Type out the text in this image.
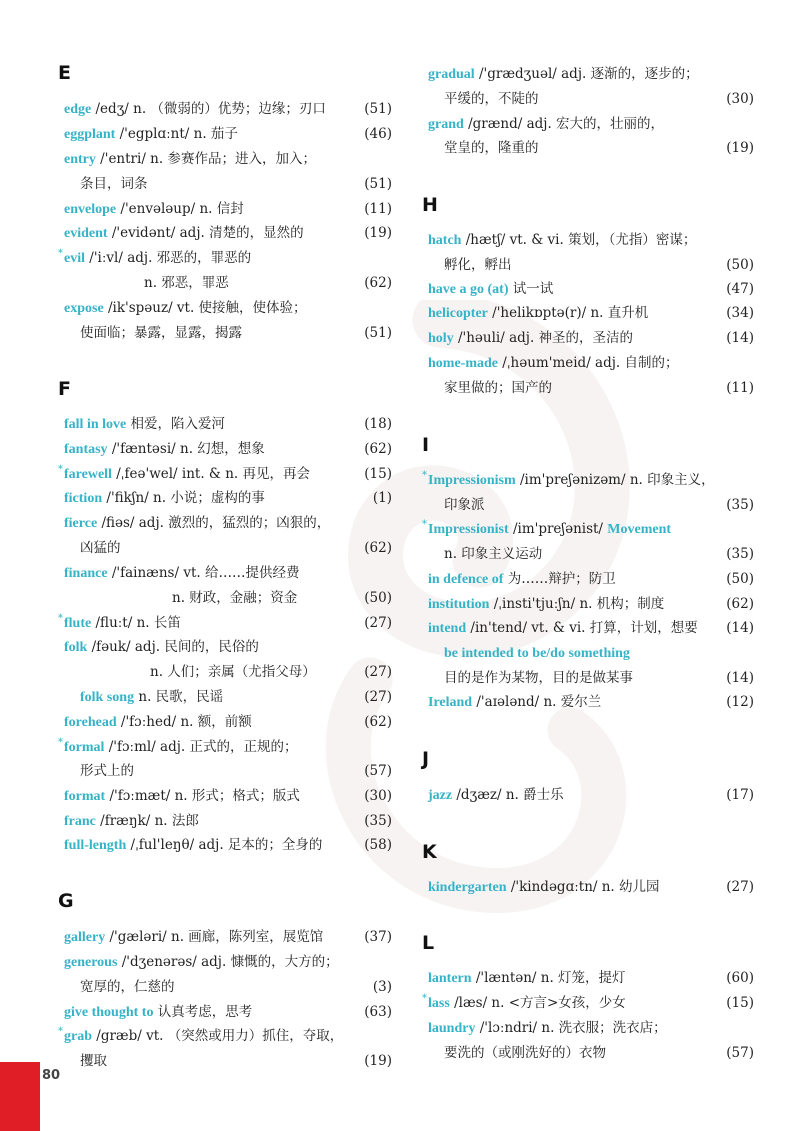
E
edge /edʒ/ n. （微弱的）优势；边缘；刃口	(51)
eggplant /'egplɑːnt/ n. 茄子	(46)
entry /'entri/ n. 参赛作品；进入，加入；
条目，词条	(51)
envelope /'envələup/ n. 信封	(11)
evident /'evidənt/ adj. 清楚的，显然的	(19)
* evil /'iːvl/ adj. 邪恶的，罪恶的
n. 邪恶，罪恶	(62)
expose /ik'spəuz/ vt. 使接触，使体验；
使面临；暴露，显露，揭露	(51)
F
fall in love 相爱，陷入爱河	(18)
fantasy /'fæntəsi/ n. 幻想，想象	(62)
* farewell /ˌfeə'wel/ int. & n. 再见，再会	(15)
fiction /'fikʃn/ n. 小说；虚构的事	(1)
fierce /fiəs/ adj. 激烈的，猛烈的；凶狠的，
凶猛的	(62)
finance /'fainæns/ vt. 给……提供经费
n. 财政，金融；资金	(50)
* flute /fluːt/ n. 长笛	(27)
folk /fəuk/ adj. 民间的，民俗的
n. 人们；亲属（尤指父母）	(27)
folk song n. 民歌，民谣	(27)
forehead /'fɔːhed/ n. 额，前额	(62)
* formal /'fɔːml/ adj. 正式的，正规的；
形式上的	(57)
format /'fɔːmæt/ n. 形式；格式；版式	(30)
franc /fræŋk/ n. 法郎	(35)
full-length /ˌful'leŋθ/ adj. 足本的；全身的	(58)
G
gallery /'gæləri/ n. 画廊，陈列室，展览馆	(37)
generous /'dʒenərəs/ adj. 慷慨的，大方的；
宽厚的，仁慈的	(3)
give thought to 认真考虑，思考	(63)
* grab /græb/ vt. （突然或用力）抓住，夺取，
攫取	(19)
gradual /'grædʒuəl/ adj. 逐渐的，逐步的；
平缓的，不陡的	(30)
grand /grænd/ adj. 宏大的，壮丽的，
堂皇的，隆重的	(19)
H
hatch /hætʃ/ vt. & vi. 策划，（尤指）密谋；
孵化，孵出	(50)
have a go (at) 试一试	(47)
helicopter /'helikɒptə(r)/ n. 直升机	(34)
holy /'həuli/ adj. 神圣的，圣洁的	(14)
home-made /ˌhəum'meid/ adj. 自制的；
家里做的；国产的	(11)
I
* Impressionism /im'preʃənizəm/ n. 印象主义，
印象派	(35)
* Impressionist /im'preʃənist/ Movement
n. 印象主义运动	(35)
in defence of 为……辩护；防卫	(50)
institution /ˌinsti'tjuːʃn/ n. 机构；制度	(62)
intend /in'tend/ vt. & vi. 打算，计划，想要	(14)
be intended to be/do something
目的是作为某物，目的是做某事	(14)
Ireland /'aɪələnd/ n. 爱尔兰	(12)
J
jazz /dʒæz/ n. 爵士乐	(17)
K
kindergarten /'kindəgɑːtn/ n. 幼儿园	(27)
L
lantern /'læntən/ n. 灯笼，提灯	(60)
* lass /læs/ n. <方言>女孩，少女	(15)
laundry /'lɔːndri/ n. 洗衣服；洗衣店；
要洗的（或刚洗好的）衣物	(57)
80
